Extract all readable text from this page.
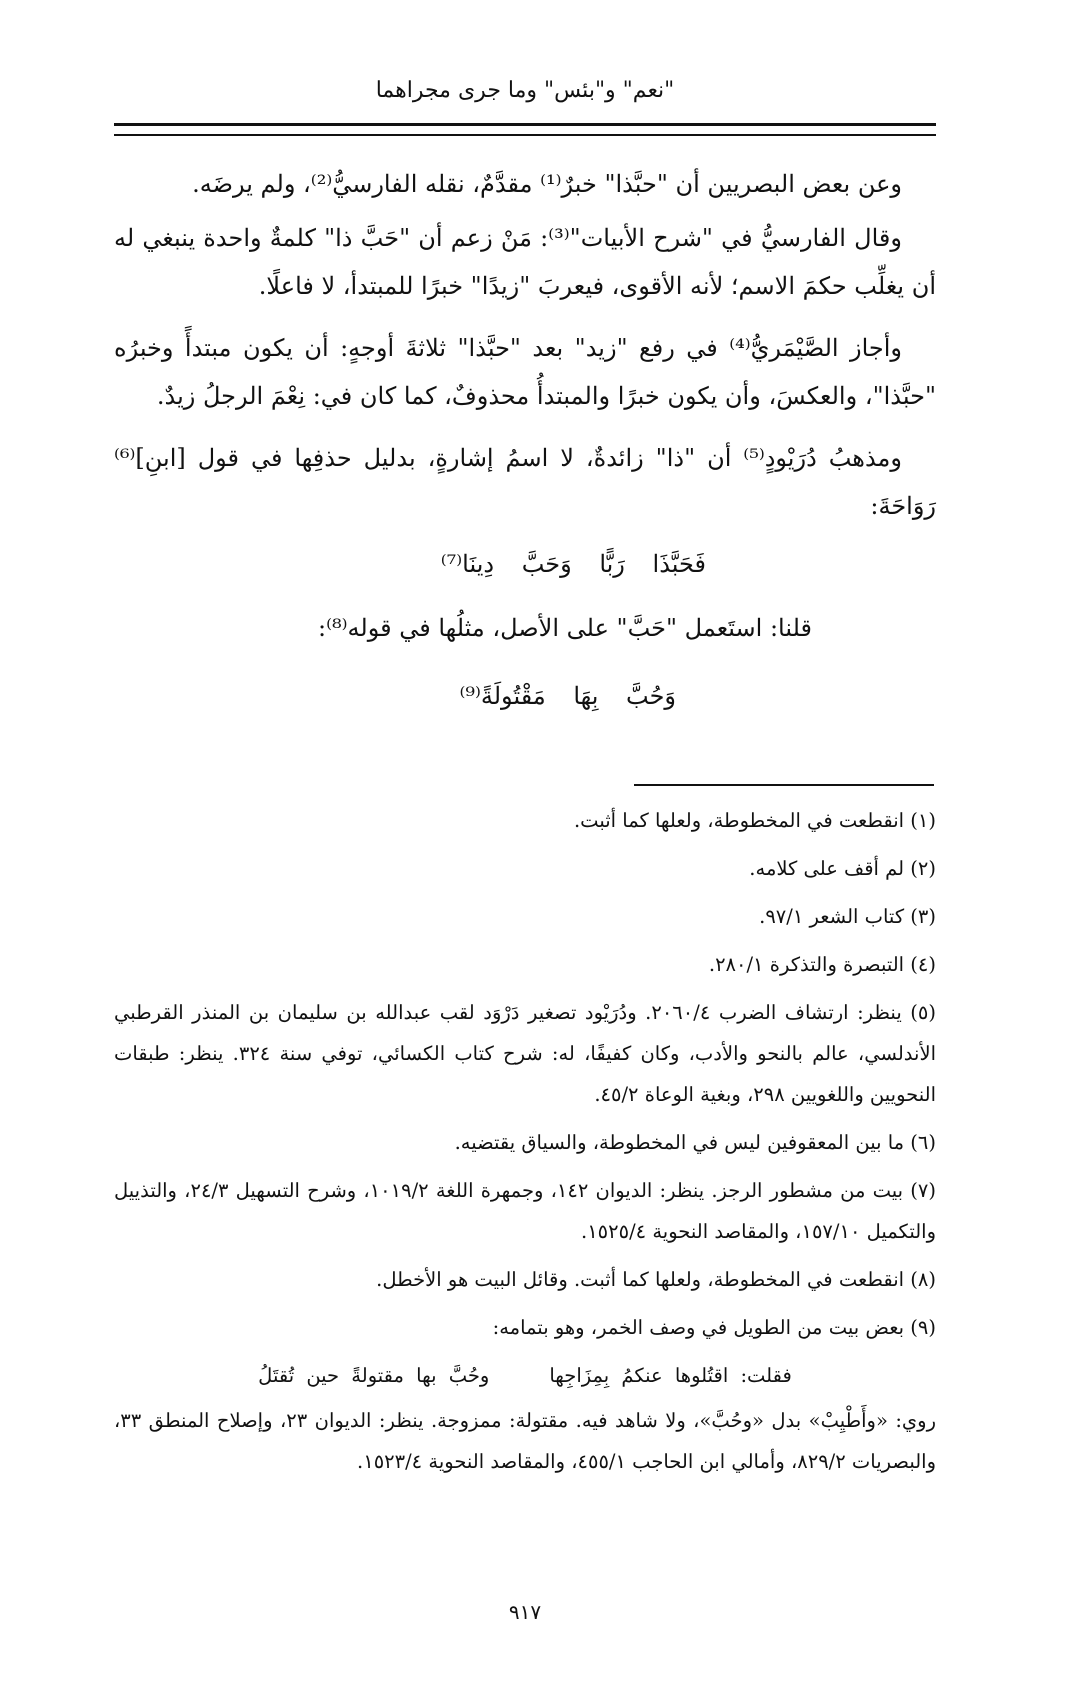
"نعم" و"بئس" وما جرى مجراهما

وعن بعض البصريين أن "حبَّذا" خبرٌ⁽¹⁾ مقدَّمٌ، نقله الفارسيُّ⁽²⁾، ولم يرضَه.

وقال الفارسيُّ في "شرح الأبيات"⁽³⁾: مَنْ زعم أن "حَبَّ ذا" كلمةٌ واحدة ينبغي له أن يغلِّب حكمَ الاسم؛ لأنه الأقوى، فيعربَ "زيدًا" خبرًا للمبتدأ، لا فاعلًا.

وأجاز الصَّيْمَريُّ⁽⁴⁾ في رفع "زيد" بعد "حبَّذا" ثلاثةَ أوجهٍ: أن يكون مبتدأً وخبرُه "حبَّذا"، والعكسَ، وأن يكون خبرًا والمبتدأُ محذوفٌ، كما كان في: نِعْمَ الرجلُ زيدٌ.

ومذهبُ دُرَيْودٍ⁽⁵⁾ أن "ذا" زائدةٌ، لا اسمُ إشارةٍ، بدليل حذفِها في قول [ابنِ]⁽⁶⁾ رَوَاحَةَ:

فَحَبَّذَا رَبًّا وَحَبَّ دِينَا⁽⁷⁾

قلنا: استَعمل "حَبَّ" على الأصل، مثلُها في قوله⁽⁸⁾:

وَحُبَّ بِهَا مَقْتُولَةً⁽⁹⁾

(١) انقطعت في المخطوطة، ولعلها كما أثبت.

(٢) لم أقف على كلامه.

(٣) كتاب الشعر ٩٧/١.

(٤) التبصرة والتذكرة ٢٨٠/١.

(٥) ينظر: ارتشاف الضرب ٢٠٦٠/٤. ودُرَيْود تصغير دَرْوَد لقب عبدالله بن سليمان بن المنذر القرطبي الأندلسي، عالم بالنحو والأدب، وكان كفيفًا، له: شرح كتاب الكسائي، توفي سنة ٣٢٤. ينظر: طبقات النحويين واللغويين ٢٩٨، وبغية الوعاة ٤٥/٢.

(٦) ما بين المعقوفين ليس في المخطوطة، والسياق يقتضيه.

(٧) بيت من مشطور الرجز. ينظر: الديوان ١٤٢، وجمهرة اللغة ١٠١٩/٢، وشرح التسهيل ٢٤/٣، والتذييل والتكميل ١٥٧/١٠، والمقاصد النحوية ١٥٢٥/٤.

(٨) انقطعت في المخطوطة، ولعلها كما أثبت. وقائل البيت هو الأخطل.

(٩) بعض بيت من الطويل في وصف الخمر، وهو بتمامه:

فقلت: اقتُلوها عنكمُ بِمِزَاجِهاوحُبَّ بها مقتولةً حين تُقتَلُ

روي: «وأَطْيِبْ» بدل «وحُبَّ»، ولا شاهد فيه. مقتولة: ممزوجة. ينظر: الديوان ٢٣، وإصلاح المنطق ٣٣، والبصريات ٨٢٩/٢، وأمالي ابن الحاجب ٤٥٥/١، والمقاصد النحوية ١٥٢٣/٤.

٩١٧
